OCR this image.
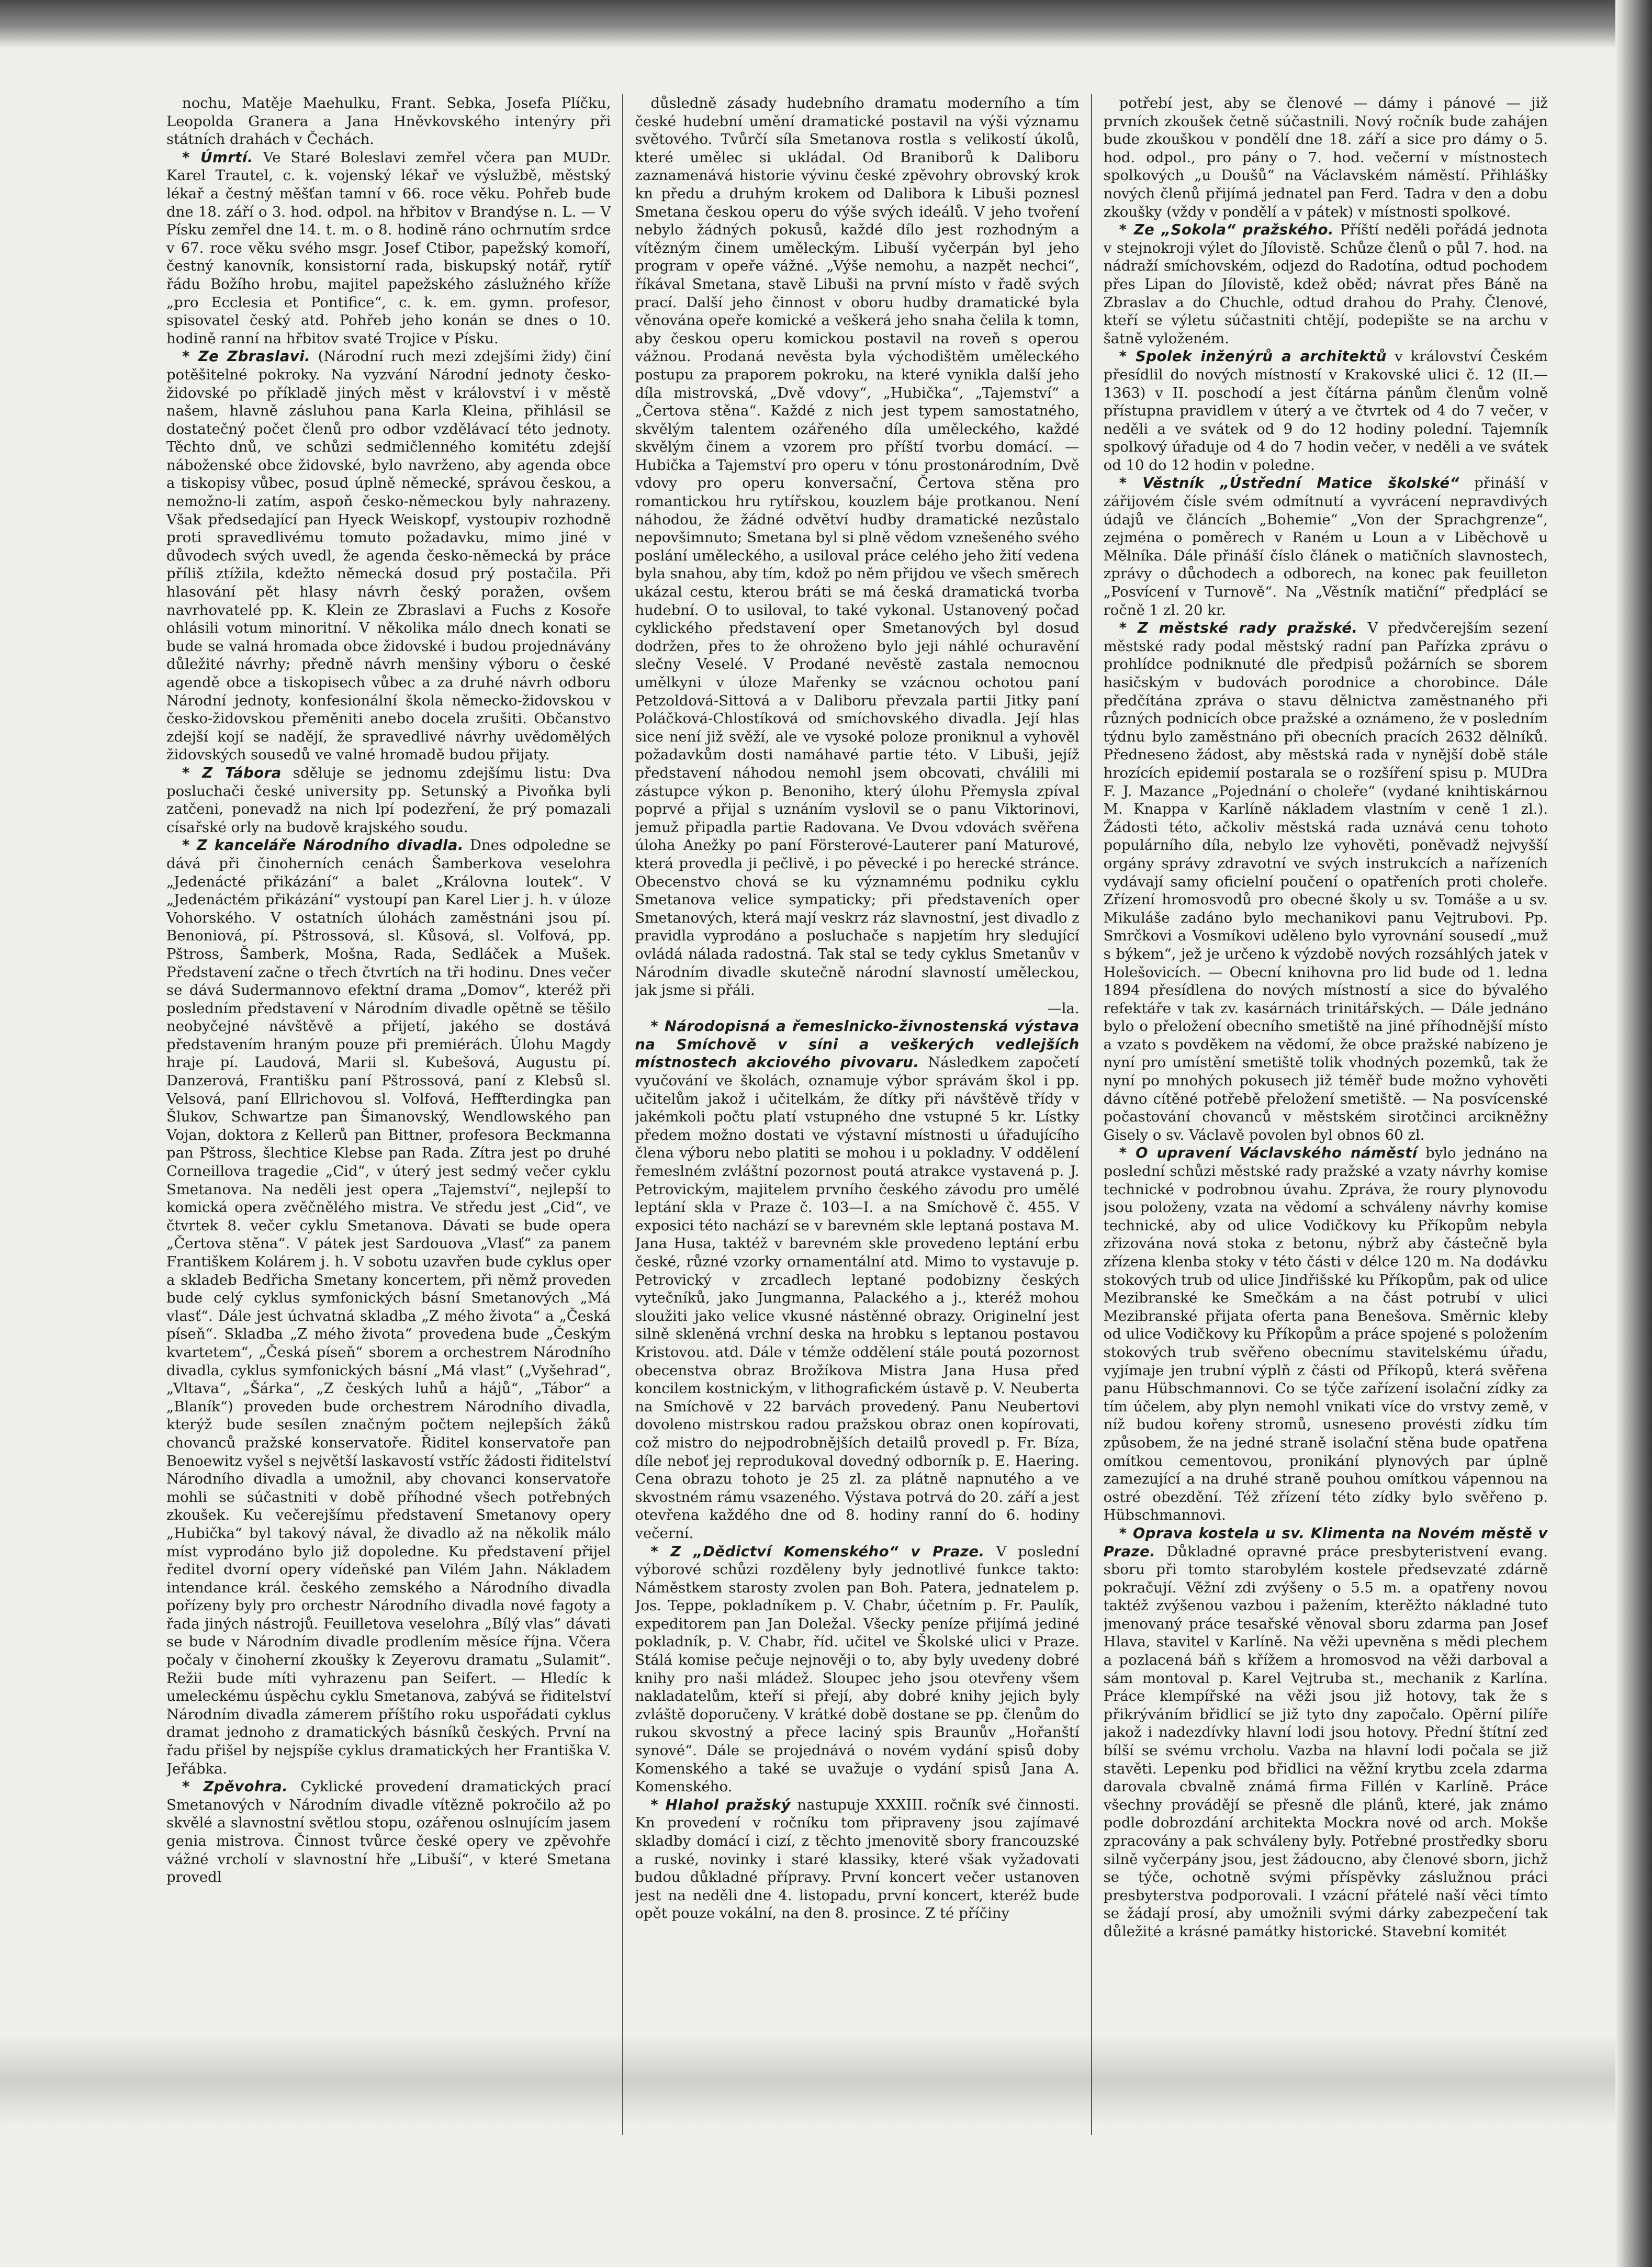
nochu, Matěje Maehulku, Frant. Sebka, Josefa Plíčku, Leopolda Granera a Jana Hněvkovského intenýry při státních drahách v Čechách.

* Úmrtí. Ve Staré Boleslavi zemřel včera pan MUDr. Karel Trautel, c. k. vojenský lékař ve výslužbě, městský lékař a čestný měšťan tamní v 66. roce věku. Pohřeb bude dne 18. září o 3. hod. odpol. na hřbitov v Brandýse n. L. — V Písku zemřel dne 14. t. m. o 8. hodině ráno ochrnutím srdce v 67. roce věku svého msgr. Josef Ctibor, papežský komoří, čestný kanovník, konsistorní rada, biskupský notář, rytíř řádu Božího hrobu, majitel papežského záslužného kříže „pro Ecclesia et Pontifice“, c. k. em. gymn. profesor, spisovatel český atd. Pohřeb jeho konán se dnes o 10. hodině ranní na hřbitov svaté Trojice v Písku.

* Ze Zbraslavi. (Národní ruch mezi zdejšími židy) činí potěšitelné pokroky. Na vyzvání Národní jednoty česko-židovské po příkladě jiných měst v království i v městě našem, hlavně zásluhou pana Karla Kleina, přihlásil se dostatečný počet členů pro odbor vzdělávací této jednoty. Těchto dnů, ve schůzi sedmičlenného komitétu zdejší náboženské obce židovské, bylo navrženo, aby agenda obce a tiskopisy vůbec, posud úplně německé, správou českou, a nemožno-li zatím, aspoň česko-německou byly nahrazeny. Však předsedající pan Hyeck Weiskopf, vystoupiv rozhodně proti spravedlivému tomuto požadavku, mimo jiné v důvodech svých uvedl, že agenda česko-německá by práce příliš ztížila, kdežto německá dosud prý postačila. Při hlasování pět hlasy návrh český poražen, ovšem navrhovatelé pp. K. Klein ze Zbraslavi a Fuchs z Kosoře ohlásili votum minoritní. V několika málo dnech konati se bude se valná hromada obce židovské i budou projednávány důležité návrhy; předně návrh menšiny výboru o české agendě obce a tiskopisech vůbec a za druhé návrh odboru Národní jednoty, konfesionální škola německo-židovskou v česko-židovskou přeměniti anebo docela zrušiti. Občanstvo zdejší kojí se nadějí, že spravedlivé návrhy uvědomělých židovských sousedů ve valné hromadě budou přijaty.

* Z Tábora sděluje se jednomu zdejšímu listu: Dva posluchači české university pp. Setunský a Pivoňka byli zatčeni, ponevadž na nich lpí podezření, že prý pomazali císařské orly na budově krajského soudu.

* Z kanceláře Národního divadla. Dnes odpoledne se dává při činoherních cenách Šamberkova veselohra „Jedenácté přikázání“ a balet „Královna loutek“. V „Jedenáctém přikázání“ vystoupí pan Karel Lier j. h. v úloze Vohorského. V ostatních úlohách zaměstnáni jsou pí. Benoniová, pí. Pštrossová, sl. Kůsová, sl. Volfová, pp. Pštross, Šamberk, Mošna, Rada, Sedláček a Mušek. Představení začne o třech čtvrtích na tři hodinu. Dnes večer se dává Sudermannovo efektní drama „Domov“, kteréž při posledním představení v Národním divadle opětně se těšilo neobyčejné návštěvě a přijetí, jakého se dostává představením hraným pouze při premiérách. Úlohu Magdy hraje pí. Laudová, Marii sl. Kubešová, Augustu pí. Danzerová, Františku paní Pštrossová, paní z Klebsů sl. Velsová, paní Ellrichovou sl. Volfová, Heffterdingka pan Šlukov, Schwartze pan Šimanovský, Wendlowského pan Vojan, doktora z Kellerů pan Bittner, profesora Beckmanna pan Pštross, šlechtice Klebse pan Rada. Zítra jest po druhé Corneillova tragedie „Cid“, v úterý jest sedmý večer cyklu Smetanova. Na neděli jest opera „Tajemství“, nejlepší to komická opera zvěčnělého mistra. Ve středu jest „Cid“, ve čtvrtek 8. večer cyklu Smetanova. Dávati se bude opera „Čertova stěna“. V pátek jest Sardouova „Vlasť“ za panem Františkem Kolárem j. h. V sobotu uzavřen bude cyklus oper a skladeb Bedřicha Smetany koncertem, při němž proveden bude celý cyklus symfonických básní Smetanových „Má vlasť“. Dále jest úchvatná skladba „Z mého života“ a „Česká píseň“. Skladba „Z mého života“ provedena bude „Českým kvartetem“, „Česká píseň“ sborem a orchestrem Národního divadla, cyklus symfonických básní „Má vlast“ („Vyšehrad“, „Vltava“, „Šárka“, „Z českých luhů a hájů“, „Tábor“ a „Blaník“) proveden bude orchestrem Národního divadla, kterýž bude sesílen značným počtem nejlepších žáků chovanců pražské konservatoře. Řiditel konservatoře pan Benoewitz vyšel s největší laskavostí vstříc žádosti řiditelství Národního divadla a umožnil, aby chovanci konservatoře mohli se súčastniti v době příhodné všech potřebných zkoušek. Ku večerejšímu představení Smetanovy opery „Hubička“ byl takový nával, že divadlo až na několik málo míst vyprodáno bylo již dopoledne. Ku představení přijel ředitel dvorní opery vídeňské pan Vilém Jahn. Nákladem intendance král. českého zemského a Národního divadla pořízeny byly pro orchestr Národního divadla nové fagoty a řada jiných nástrojů. Feuilletova veselohra „Bílý vlas“ dávati se bude v Národním divadle prodlením měsíce října. Včera počaly v činoherní zkoušky k Zeyerovu dramatu „Sulamit“. Režii bude míti vyhrazenu pan Seifert. — Hledíc k umeleckému úspěchu cyklu Smetanova, zabývá se řiditelství Národním divadla zámerem příštího roku uspořádati cyklus dramat jednoho z dramatických básníků českých. První na řadu přišel by nejspíše cyklus dramatických her Františka V. Jeřábka.

* Zpěvohra. Cyklické provedení dramatických prací Smetanových v Národním divadle vítězně pokročilo až po skvělé a slavnostní světlou stopu, ozářenou oslnujícím jasem genia mistrova. Činnost tvůrce české opery ve zpěvohře vážné vrcholí v slavnostní hře „Libuší“, v které Smetana provedl

důsledně zásady hudebního dramatu moderního a tím české hudební umění dramatické postavil na výši významu světového. Tvůrčí síla Smetanova rostla s velikostí úkolů, které umělec si ukládal. Od Braniborů k Daliboru zaznamenává historie vývinu české zpěvohry obrovský krok kn předu a druhým krokem od Dalibora k Libuši poznesl Smetana českou operu do výše svých ideálů. V jeho tvoření nebylo žádných pokusů, každé dílo jest rozhodným a vítězným činem uměleckým. Libuší vyčerpán byl jeho program v opeře vážné. „Výše nemohu, a nazpět nechci“, říkával Smetana, stavě Libuši na první místo v řadě svých prací. Další jeho činnost v oboru hudby dramatické byla věnována opeře komické a veškerá jeho snaha čelila k tomn, aby českou operu komickou postavil na roveň s operou vážnou. Prodaná nevěsta byla východištěm uměleckého postupu za praporem pokroku, na které vynikla další jeho díla mistrovská, „Dvě vdovy“, „Hubička“, „Tajemství“ a „Čertova stěna“. Každé z nich jest typem samostatného, skvělým talentem ozářeného díla uměleckého, každé skvělým činem a vzorem pro příští tvorbu domácí. — Hubička a Tajemství pro operu v tónu prostonárodním, Dvě vdovy pro operu konversační, Čertova stěna pro romantickou hru rytířskou, kouzlem báje protkanou. Není náhodou, že žádné odvětví hudby dramatické nezůstalo nepovšimnuto; Smetana byl si plně vědom vznešeného svého poslání uměleckého, a usiloval práce celého jeho žití vedena byla snahou, aby tím, kdož po něm přijdou ve všech směrech ukázal cestu, kterou bráti se má česká dramatická tvorba hudební. O to usiloval, to také vykonal. Ustanovený počad cyklického představení oper Smetanových byl dosud dodržen, přes to že ohroženo bylo jeji náhlé ochuravění slečny Veselé. V Prodané nevěstě zastala nemocnou umělkyni v úloze Mařenky se vzácnou ochotou paní Petzoldová-Sittová a v Daliboru převzala partii Jitky paní Poláčková-Chlostíková od smíchovského divadla. Její hlas sice není již svěží, ale ve vysoké poloze proniknul a vyhověl požadavkům dosti namáhavé partie této. V Libuši, jejíž představení náhodou nemohl jsem obcovati, chválili mi zástupce výkon p. Benoniho, který úlohu Přemysla zpíval poprvé a přijal s uznáním vyslovil se o panu Viktorinovi, jemuž připadla partie Radovana. Ve Dvou vdovách svěřena úloha Anežky po paní Försterové-Lauterer paní Maturové, která provedla ji pečlivě, i po pěvecké i po herecké stránce. Obecenstvo chová se ku významnému podniku cyklu Smetanova velice sympaticky; při představeních oper Smetanových, která mají veskrz ráz slavnostní, jest divadlo z pravidla vyprodáno a posluchače s napjetím hry sledující ovládá nálada radostná. Tak stal se tedy cyklus Smetanův v Národním divadle skutečně národní slavností uměleckou, jak jsme si přáli.

—la.

* Národopisná a řemeslnicko-živnostenská výstava na Smíchově v síni a veškerých vedlejších místnostech akciového pivovaru. Následkem započetí vyučování ve školách, oznamuje výbor správám škol i pp. učitelům jakož i učitelkám, že dítky při návštěvě třídy v jakémkoli počtu platí vstupného dne vstupné 5 kr. Lístky předem možno dostati ve výstavní místnosti u úřadujícího člena výboru nebo platiti se mohou i u pokladny. V oddělení řemeslném zvláštní pozornost poutá atrakce vystavená p. J. Petrovickým, majitelem prvního českého závodu pro umělé leptání skla v Praze č. 103—I. a na Smíchově č. 455. V exposici této nachází se v barevném skle leptaná postava M. Jana Husa, taktéž v barevném skle provedeno leptání erbu české, různé vzorky ornamentální atd. Mimo to vystavuje p. Petrovický v zrcadlech leptané podobizny českých vytečníků, jako Jungmanna, Palackého a j., kteréž mohou sloužiti jako velice vkusné nástěnné obrazy. Originelní jest silně skleněná vrchní deska na hrobku s leptanou postavou Kristovou. atd. Dále v témže oddělení stále poutá pozornost obecenstva obraz Brožíkova Mistra Jana Husa před koncilem kostnickým, v lithografickém ústavě p. V. Neuberta na Smíchově v 22 barvách provedený. Panu Neubertovi dovoleno mistrskou radou pražskou obraz onen kopírovati, což mistro do nejpodrobnějších detailů provedl p. Fr. Bíza, díle neboť jej reprodukoval dovedný odborník p. E. Haering. Cena obrazu tohoto je 25 zl. za plátně napnutého a ve skvostném rámu vsazeného. Výstava potrvá do 20. září a jest otevřena každého dne od 8. hodiny ranní do 6. hodiny večerní.

* Z „Dědictví Komenského“ v Praze. V poslední výborové schůzi rozděleny byly jednotlivé funkce takto: Náměstkem starosty zvolen pan Boh. Patera, jednatelem p. Jos. Teppe, pokladníkem p. V. Chabr, účetním p. Fr. Paulík, expeditorem pan Jan Doležal. Všecky peníze přijímá jediné pokladník, p. V. Chabr, říd. učitel ve Školské ulici v Praze. Stálá komise pečuje nejnověji o to, aby byly uvedeny dobré knihy pro naši mládež. Sloupec jeho jsou otevřeny všem nakladatelům, kteří si přejí, aby dobré knihy jejich byly zvláště doporučeny. V krátké době dostane se pp. členům do rukou skvostný a přece laciný spis Braunův „Hořanští synové“. Dále se projednává o novém vydání spisů doby Komenského a také se uvažuje o vydání spisů Jana A. Komenského.

* Hlahol pražský nastupuje XXXIII. ročník své činnosti. Kn provedení v ročníku tom připraveny jsou zajímavé skladby domácí i cizí, z těchto jmenovitě sbory francouzské a ruské, novinky i staré klassiky, které však vyžadovati budou důkladné přípravy. První koncert večer ustanoven jest na neděli dne 4. listopadu, první koncert, kteréž bude opět pouze vokální, na den 8. prosince. Z té příčiny

potřebí jest, aby se členové — dámy i pánové — již prvních zkoušek četně súčastnili. Nový ročník bude zahájen bude zkouškou v pondělí dne 18. září a sice pro dámy o 5. hod. odpol., pro pány o 7. hod. večerní v místnostech spolkových „u Doušů“ na Václavském náměstí. Přihlášky nových členů přijímá jednatel pan Ferd. Tadra v den a dobu zkoušky (vždy v pondělí a v pátek) v místnosti spolkové.

* Ze „Sokola“ pražského. Příští neděli pořádá jednota v stejnokroji výlet do Jílovistě. Schůze členů o půl 7. hod. na nádraží smíchovském, odjezd do Radotína, odtud pochodem přes Lipan do Jílovistě, kdež oběd; návrat přes Báně na Zbraslav a do Chuchle, odtud drahou do Prahy. Členové, kteří se výletu súčastniti chtějí, podepište se na archu v šatně vyloženém.

* Spolek inženýrů a architektů v království Českém přesídlil do nových místností v Krakovské ulici č. 12 (II.—1363) v II. poschodí a jest čítárna pánům členům volně přístupna pravidlem v úterý a ve čtvrtek od 4 do 7 večer, v neděli a ve svátek od 9 do 12 hodiny polední. Tajemník spolkový úřaduje od 4 do 7 hodin večer, v neděli a ve svátek od 10 do 12 hodin v poledne.

* Věstník „Ústřední Matice školské“ přináší v zářijovém čísle svém odmítnutí a vyvrácení nepravdivých údajů ve článcích „Bohemie“ „Von der Sprachgrenze“, zejména o poměrech v Raném u Loun a v Liběchově u Mělníka. Dále přináší číslo článek o matičních slavnostech, zprávy o důchodech a odborech, na konec pak feuilleton „Posvícení v Turnově“. Na „Věstník matiční“ předplácí se ročně 1 zl. 20 kr.

* Z městské rady pražské. V předvčerejším sezení městské rady podal městský radní pan Pařízka zprávu o prohlídce podniknuté dle předpisů požárních se sborem hasičským v budovách porodnice a chorobince. Dále předčítána zpráva o stavu dělnictva zaměstnaného při různých podnicích obce pražské a oznámeno, že v posledním týdnu bylo zaměstnáno při obecních pracích 2632 dělníků. Předneseno žádost, aby městská rada v nynější době stále hrozících epidemií postarala se o rozšíření spisu p. MUDra F. J. Mazance „Pojednání o choleře“ (vydané knihtiskárnou M. Knappa v Karlíně nákladem vlastním v ceně 1 zl.). Žádosti této, ačkoliv městská rada uznává cenu tohoto populárního díla, nebylo lze vyhověti, poněvadž nejvyšší orgány správy zdravotní ve svých instrukcích a nařízeních vydávají samy oficielní poučení o opatřeních proti choleře. Zřízení hromosvodů pro obecné školy u sv. Tomáše a u sv. Mikuláše zadáno bylo mechanikovi panu Vejtrubovi. Pp. Smrčkovi a Vosmíkovi uděleno bylo vyrovnání sousedí „muž s býkem“, jež je určeno k výzdobě nových rozsáhlých jatek v Holešovicích. — Obecní knihovna pro lid bude od 1. ledna 1894 přesídlena do nových místností a sice do bývalého refektáře v tak zv. kasárnách trinitářských. — Dále jednáno bylo o přeložení obecního smetiště na jiné příhodnější místo a vzato s povděkem na vědomí, že obce pražské nabízeno je nyní pro umístění smetiště tolik vhodných pozemků, tak že nyní po mnohých pokusech již téměř bude možno vyhověti dávno cítěné potřebě přeložení smetiště. — Na posvícenské počastování chovanců v městském sirotčinci arcikněžny Gisely o sv. Václavě povolen byl obnos 60 zl.

* O upravení Václavského náměstí bylo jednáno na poslední schůzi městské rady pražské a vzaty návrhy komise technické v podrobnou úvahu. Zpráva, že roury plynovodu jsou položeny, vzata na vědomí a schváleny návrhy komise technické, aby od ulice Vodičkovy ku Příkopům nebyla zřizována nová stoka z betonu, nýbrž aby částečně byla zřízena klenba stoky v této části v délce 120 m. Na dodávku stokových trub od ulice Jindřišské ku Příkopům, pak od ulice Mezibranské ke Smečkám a na část potrubí v ulici Mezibranské přijata oferta pana Benešova. Směrnic kleby od ulice Vodičkovy ku Příkopům a práce spojené s položením stokových trub svěřeno obecnímu stavitelskému úřadu, vyjímaje jen trubní výplň z části od Příkopů, která svěřena panu Hübschmannovi. Co se týče zařízení isolační zídky za tím účelem, aby plyn nemohl vnikati více do vrstvy země, v níž budou kořeny stromů, usneseno provésti zídku tím způsobem, že na jedné straně isolační stěna bude opatřena omítkou cementovou, pronikání plynových par úplně zamezující a na druhé straně pouhou omítkou vápennou na ostré obezdění. Též zřízení této zídky bylo svěřeno p. Hübschmannovi.

* Oprava kostela u sv. Klimenta na Novém městě v Praze. Důkladné opravné práce presbyteristvení evang. sboru při tomto starobylém kostele předsevzaté zdárně pokračují. Věžní zdi zvýšeny o 5.5 m. a opatřeny novou taktéž zvýšenou vazbou i pažením, kterěžto nákladné tuto jmenovaný práce tesařské věnoval sboru zdarma pan Josef Hlava, stavitel v Karlíně. Na věži upevněna s mědi plechem a pozlacená báň s křížem a hromosvod na věži darboval a sám montoval p. Karel Vejtruba st., mechanik z Karlína. Práce klempířské na věži jsou již hotovy, tak že s přikrýváním břidlicí se již tyto dny započalo. Opěrní pilíře jakož i nadezdívky hlavní lodi jsou hotovy. Přední štítní zeď bílší se svému vrcholu. Vazba na hlavní lodi počala se již stavěti. Lepenku pod břidlici na věžní krytbu zcela zdarma darovala cbvalně známá firma Fillén v Karlíně. Práce všechny provádějí se přesně dle plánů, které, jak známo podle dobrozdání architekta Mockra nové od arch. Mokše zpracovány a pak schváleny byly. Potřebné prostředky sboru silně vyčerpány jsou, jest žádoucno, aby členové sborn, jichž se týče, ochotně svými příspěvky záslužnou práci presbyterstva podporovali. I vzácní přátelé naší věci tímto se žádají prosí, aby umožnili svými dárky zabezpečení tak důležité a krásné památky historické. Stavební komitét
